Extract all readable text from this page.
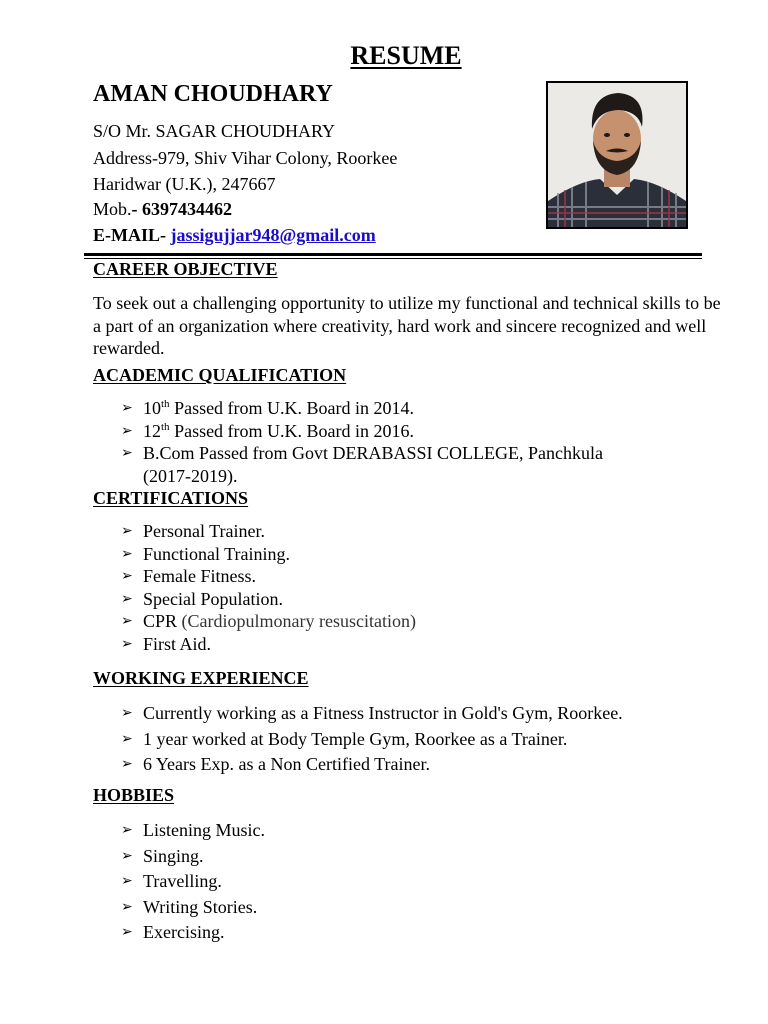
RESUME
AMAN CHOUDHARY
S/O Mr. SAGAR CHOUDHARY
Address-979, Shiv Vihar Colony, Roorkee
Haridwar (U.K.), 247667
Mob.- 6397434462
E-MAIL- jassigujjar948@gmail.com
CAREER OBJECTIVE
To seek out a challenging opportunity to utilize my functional and technical skills to be a part of an organization where creativity, hard work and sincere recognized and well rewarded.
ACADEMIC QUALIFICATION
➢ 10th Passed from U.K. Board in 2014.
➢ 12th Passed from U.K. Board in 2016.
➢ B.Com Passed from Govt DERABASSI COLLEGE, Panchkula
(2017-2019).
CERTIFICATIONS
➢ Personal Trainer.
➢ Functional Training.
➢ Female Fitness.
➢ Special Population.
➢ CPR (Cardiopulmonary resuscitation)
➢ First Aid.
WORKING EXPERIENCE
➢ Currently working as a Fitness Instructor in Gold's Gym, Roorkee.
➢ 1 year worked at Body Temple Gym, Roorkee as a Trainer.
➢ 6 Years Exp. as a Non Certified Trainer.
HOBBIES
➢ Listening Music.
➢ Singing.
➢ Travelling.
➢ Writing Stories.
➢ Exercising.
